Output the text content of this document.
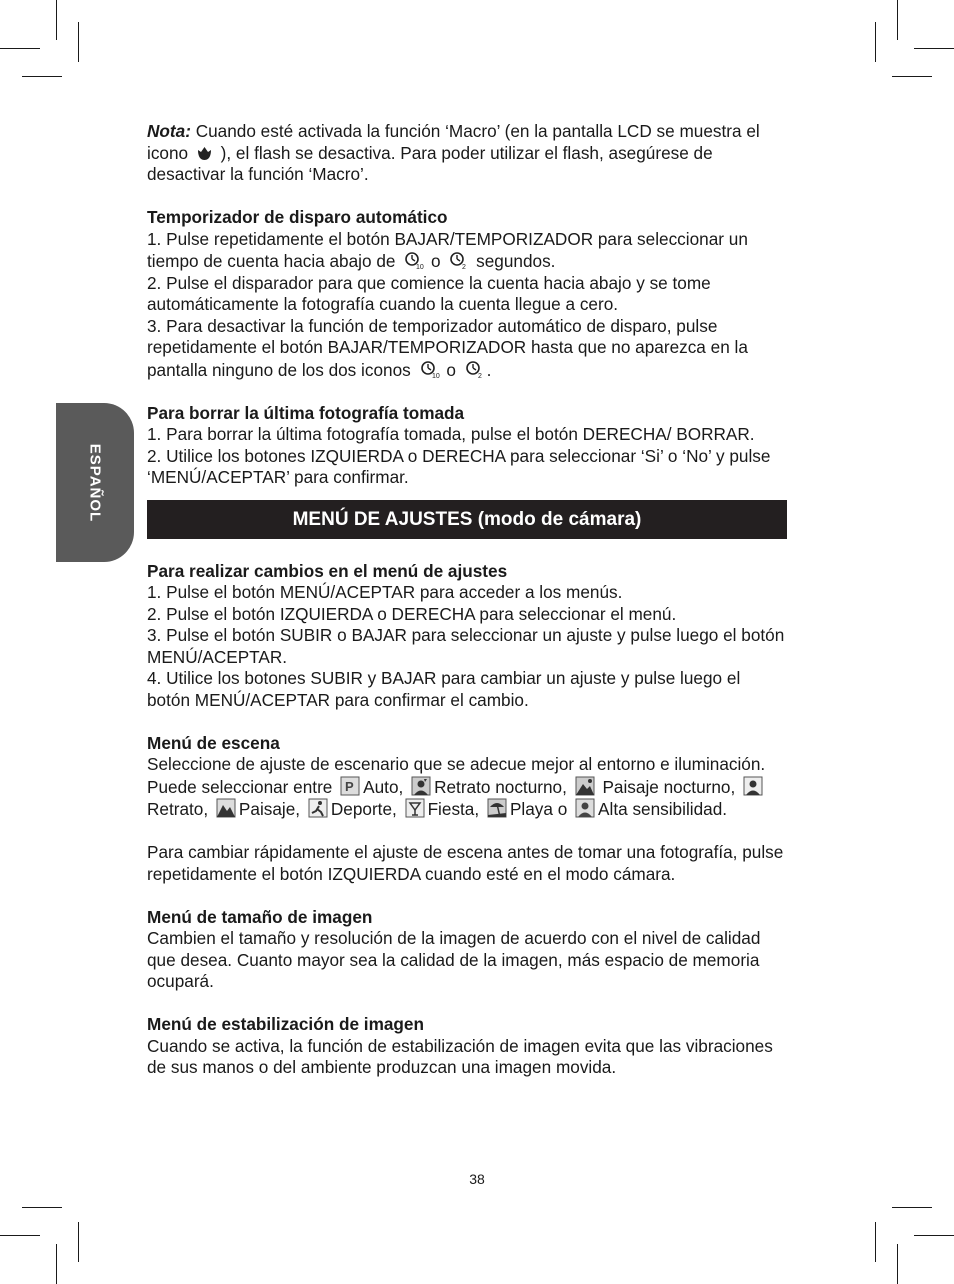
ESPAÑOL

Nota: Cuando esté activada la función ‘Macro’ (en la pantalla LCD se muestra el icono ), el flash se desactiva. Para poder utilizar el flash, asegúrese de desactivar la función ‘Macro’.

Temporizador de disparo automático

1. Pulse repetidamente el botón BAJAR/TEMPORIZADOR para seleccionar un tiempo de cuenta hacia abajo de	10 o	2 segundos.

2. Pulse el disparador para que comience la cuenta hacia abajo y se tome automáticamente la fotografía cuando la cuenta llegue a cero.

3. Para desactivar la función de temporizador automático de disparo, pulse repetidamente el botón BAJAR/TEMPORIZADOR hasta que no aparezca en la pantalla ninguno de los dos iconos	10 o	2 .

Para borrar la última fotografía tomada

1. Para borrar la última fotografía tomada, pulse el botón DERECHA/ BORRAR.

2. Utilice los botones IZQUIERDA o DERECHA para seleccionar ‘Si’ o ‘No’ y pulse ‘MENÚ/ACEPTAR’ para confirmar.

MENÚ DE AJUSTES (modo de cámara)

Para realizar cambios en el menú de ajustes

1. Pulse el botón MENÚ/ACEPTAR para acceder a los menús.

2. Pulse el botón IZQUIERDA o DERECHA para seleccionar el menú.

3. Pulse el botón SUBIR o BAJAR para seleccionar un ajuste y pulse luego el botón MENÚ/ACEPTAR.

4. Utilice los botones SUBIR y BAJAR para cambiar un ajuste y pulse luego el botón MENÚ/ACEPTAR para confirmar el cambio.

Menú de escena

Seleccione de ajuste de escenario que se adecue mejor al entorno e iluminación. Puede seleccionar entre P Auto, Retrato nocturno, Paisaje nocturno,
Retrato, Paisaje, Deporte, Fiesta, Playa o Alta sensibilidad.

Para cambiar rápidamente el ajuste de escena antes de tomar una fotografía, pulse repetidamente el botón IZQUIERDA cuando esté en el modo cámara.

Menú de tamaño de imagen

Cambien el tamaño y resolución de la imagen de acuerdo con el nivel de calidad que desea. Cuanto mayor sea la calidad de la imagen, más espacio de memoria ocupará.

Menú de estabilización de imagen

Cuando se activa, la función de estabilización de imagen evita que las vibraciones de sus manos o del ambiente produzcan una imagen movida.

38
